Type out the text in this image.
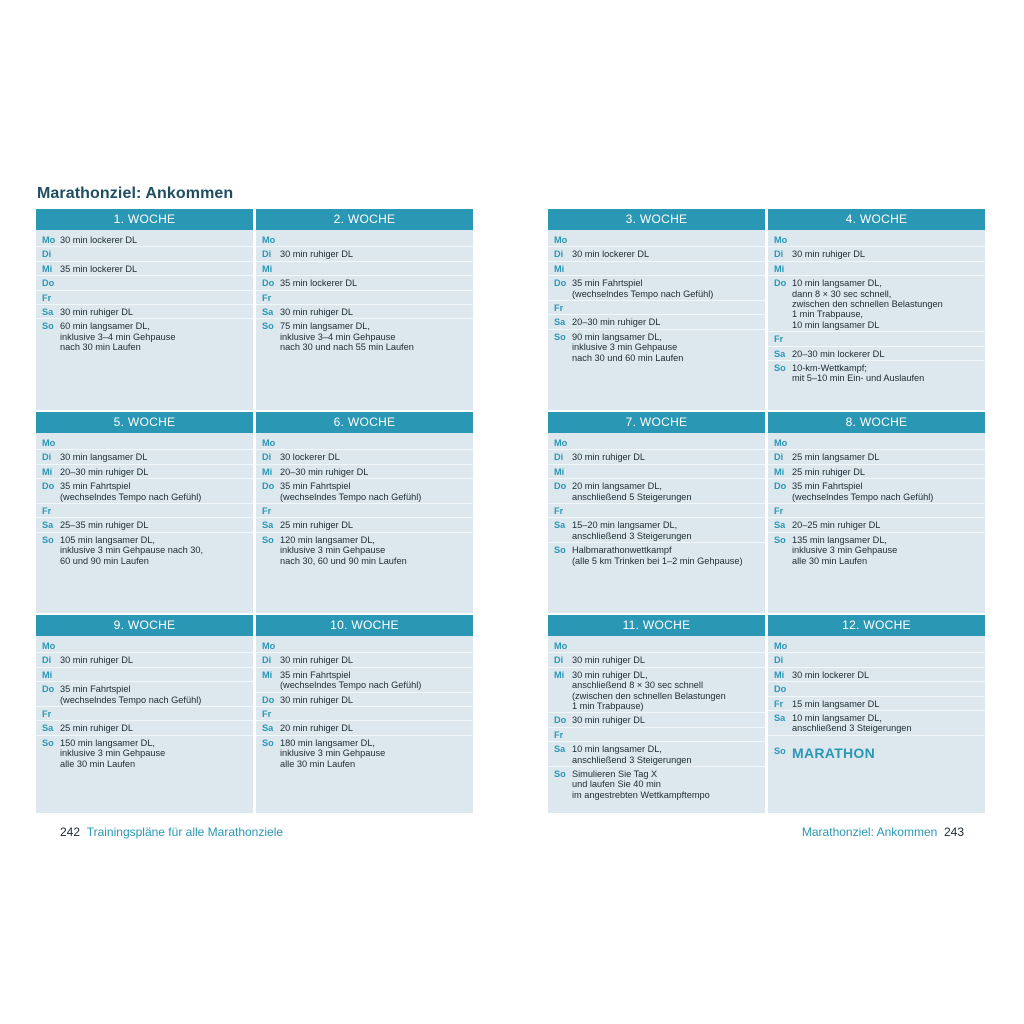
Marathonziel: Ankommen
1. WOCHE
Mo 30 min lockerer DL
Di
Mi 35 min lockerer DL
Do
Fr
Sa 30 min ruhiger DL
So 60 min langsamer DL,
inklusive 3–4 min Gehpause
nach 30 min Laufen
2. WOCHE
Mo
Di 30 min ruhiger DL
Mi
Do 35 min lockerer DL
Fr
Sa 30 min ruhiger DL
So 75 min langsamer DL,
inklusive 3–4 min Gehpause
nach 30 und nach 55 min Laufen
5. WOCHE
Mo
Di 30 min langsamer DL
Mi 20–30 min ruhiger DL
Do 35 min Fahrtspiel
(wechselndes Tempo nach Gefühl)
Fr
Sa 25–35 min ruhiger DL
So 105 min langsamer DL,
inklusive 3 min Gehpause nach 30,
60 und 90 min Laufen
6. WOCHE
Mo
Di 30 lockerer DL
Mi 20–30 min ruhiger DL
Do 35 min Fahrtspiel
(wechselndes Tempo nach Gefühl)
Fr
Sa 25 min ruhiger DL
So 120 min langsamer DL,
inklusive 3 min Gehpause
nach 30, 60 und 90 min Laufen
9. WOCHE
Mo
Di 30 min ruhiger DL
Mi
Do 35 min Fahrtspiel
(wechselndes Tempo nach Gefühl)
Fr
Sa 25 min ruhiger DL
So 150 min langsamer DL,
inklusive 3 min Gehpause
alle 30 min Laufen
10. WOCHE
Mo
Di 30 min ruhiger DL
Mi 35 min Fahrtspiel
(wechselndes Tempo nach Gefühl)
Do 30 min ruhiger DL
Fr
Sa 20 min ruhiger DL
So 180 min langsamer DL,
inklusive 3 min Gehpause
alle 30 min Laufen
3. WOCHE
Mo
Di 30 min lockerer DL
Mi
Do 35 min Fahrtspiel
(wechselndes Tempo nach Gefühl)
Fr
Sa 20–30 min ruhiger DL
So 90 min langsamer DL,
inklusive 3 min Gehpause
nach 30 und 60 min Laufen
4. WOCHE
Mo
Di 30 min ruhiger DL
Mi
Do 10 min langsamer DL,
dann 8 × 30 sec schnell,
zwischen den schnellen Belastungen
1 min Trabpause,
10 min langsamer DL
Fr
Sa 20–30 min lockerer DL
So 10-km-Wettkampf;
mit 5–10 min Ein- und Auslaufen
7. WOCHE
Mo
Di 30 min ruhiger DL
Mi
Do 20 min langsamer DL,
anschließend 5 Steigerungen
Fr
Sa 15–20 min langsamer DL,
anschließend 3 Steigerungen
So Halbmarathonwettkampf
(alle 5 km Trinken bei 1–2 min Gehpause)
8. WOCHE
Mo
Di 25 min langsamer DL
Mi 25 min ruhiger DL
Do 35 min Fahrtspiel
(wechselndes Tempo nach Gefühl)
Fr
Sa 20–25 min ruhiger DL
So 135 min langsamer DL,
inklusive 3 min Gehpause
alle 30 min Laufen
11. WOCHE
Mo
Di 30 min ruhiger DL
Mi 30 min ruhiger DL,
anschließend 8 × 30 sec schnell
(zwischen den schnellen Belastungen
1 min Trabpause)
Do 30 min ruhiger DL
Fr
Sa 10 min langsamer DL,
anschließend 3 Steigerungen
So Simulieren Sie Tag X
und laufen Sie 40 min
im angestrebten Wettkampftempo
12. WOCHE
Mo
Di
Mi 30 min lockerer DL
Do
Fr 15 min langsamer DL
Sa 10 min langsamer DL,
anschließend 3 Steigerungen
So MARATHON
242 Trainingspläne für alle Marathonziele	Marathonziel: Ankommen 243
